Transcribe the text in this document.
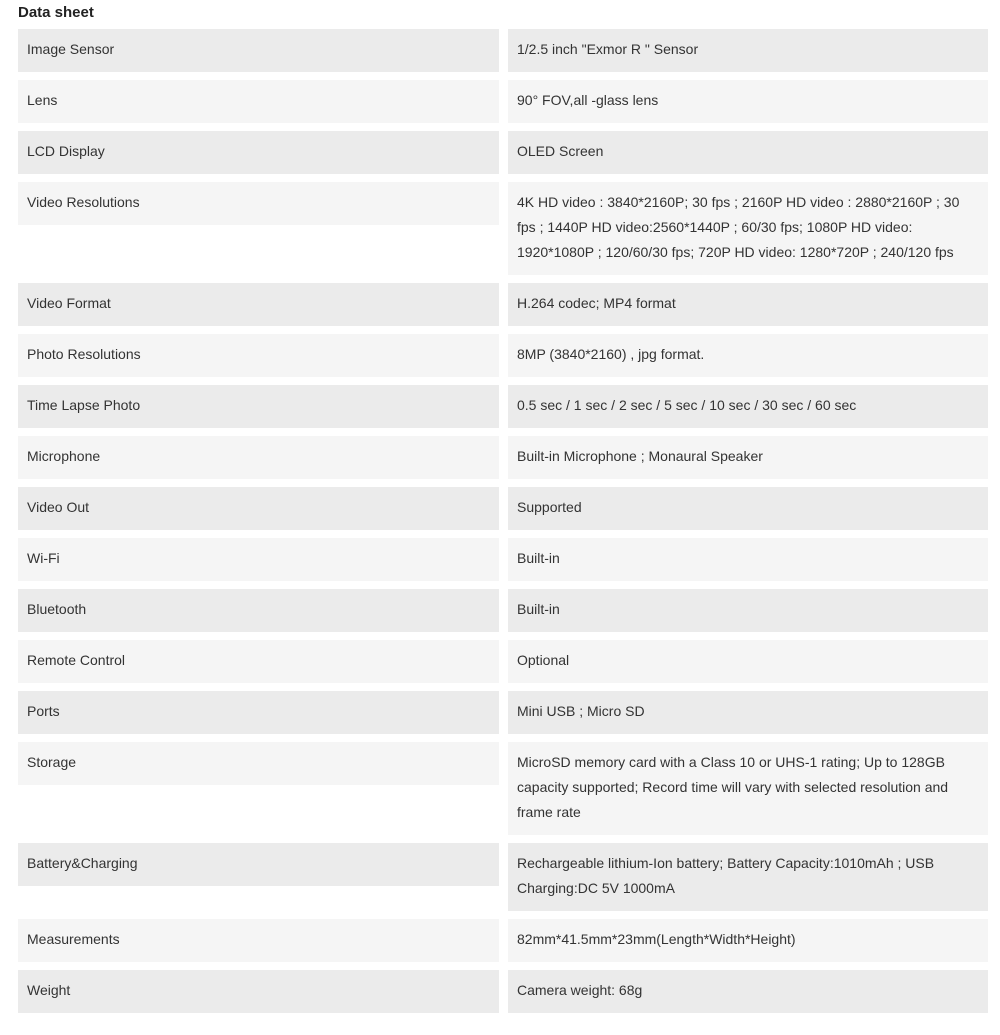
Data sheet
Image Sensor	1/2.5 inch "Exmor R " Sensor
Lens	90° FOV,all -glass lens
LCD Display	OLED Screen
Video Resolutions	4K HD video : 3840*2160P; 30 fps ; 2160P HD video : 2880*2160P ; 30 fps ; 1440P HD video:2560*1440P ; 60/30 fps; 1080P HD video: 1920*1080P ; 120/60/30 fps; 720P HD video: 1280*720P ; 240/120 fps
Video Format	H.264 codec; MP4 format
Photo Resolutions	8MP (3840*2160) , jpg format.
Time Lapse Photo	0.5 sec / 1 sec / 2 sec / 5 sec / 10 sec / 30 sec / 60 sec
Microphone	Built-in Microphone ; Monaural Speaker
Video Out	Supported
Wi-Fi	Built-in
Bluetooth	Built-in
Remote Control	Optional
Ports	Mini USB ; Micro SD
Storage	MicroSD memory card with a Class 10 or UHS-1 rating; Up to 128GB capacity supported; Record time will vary with selected resolution and frame rate
Battery&Charging	Rechargeable lithium-Ion battery; Battery Capacity:1010mAh ; USB Charging:DC 5V 1000mA
Measurements	82mm*41.5mm*23mm(Length*Width*Height)
Weight	Camera weight: 68g
